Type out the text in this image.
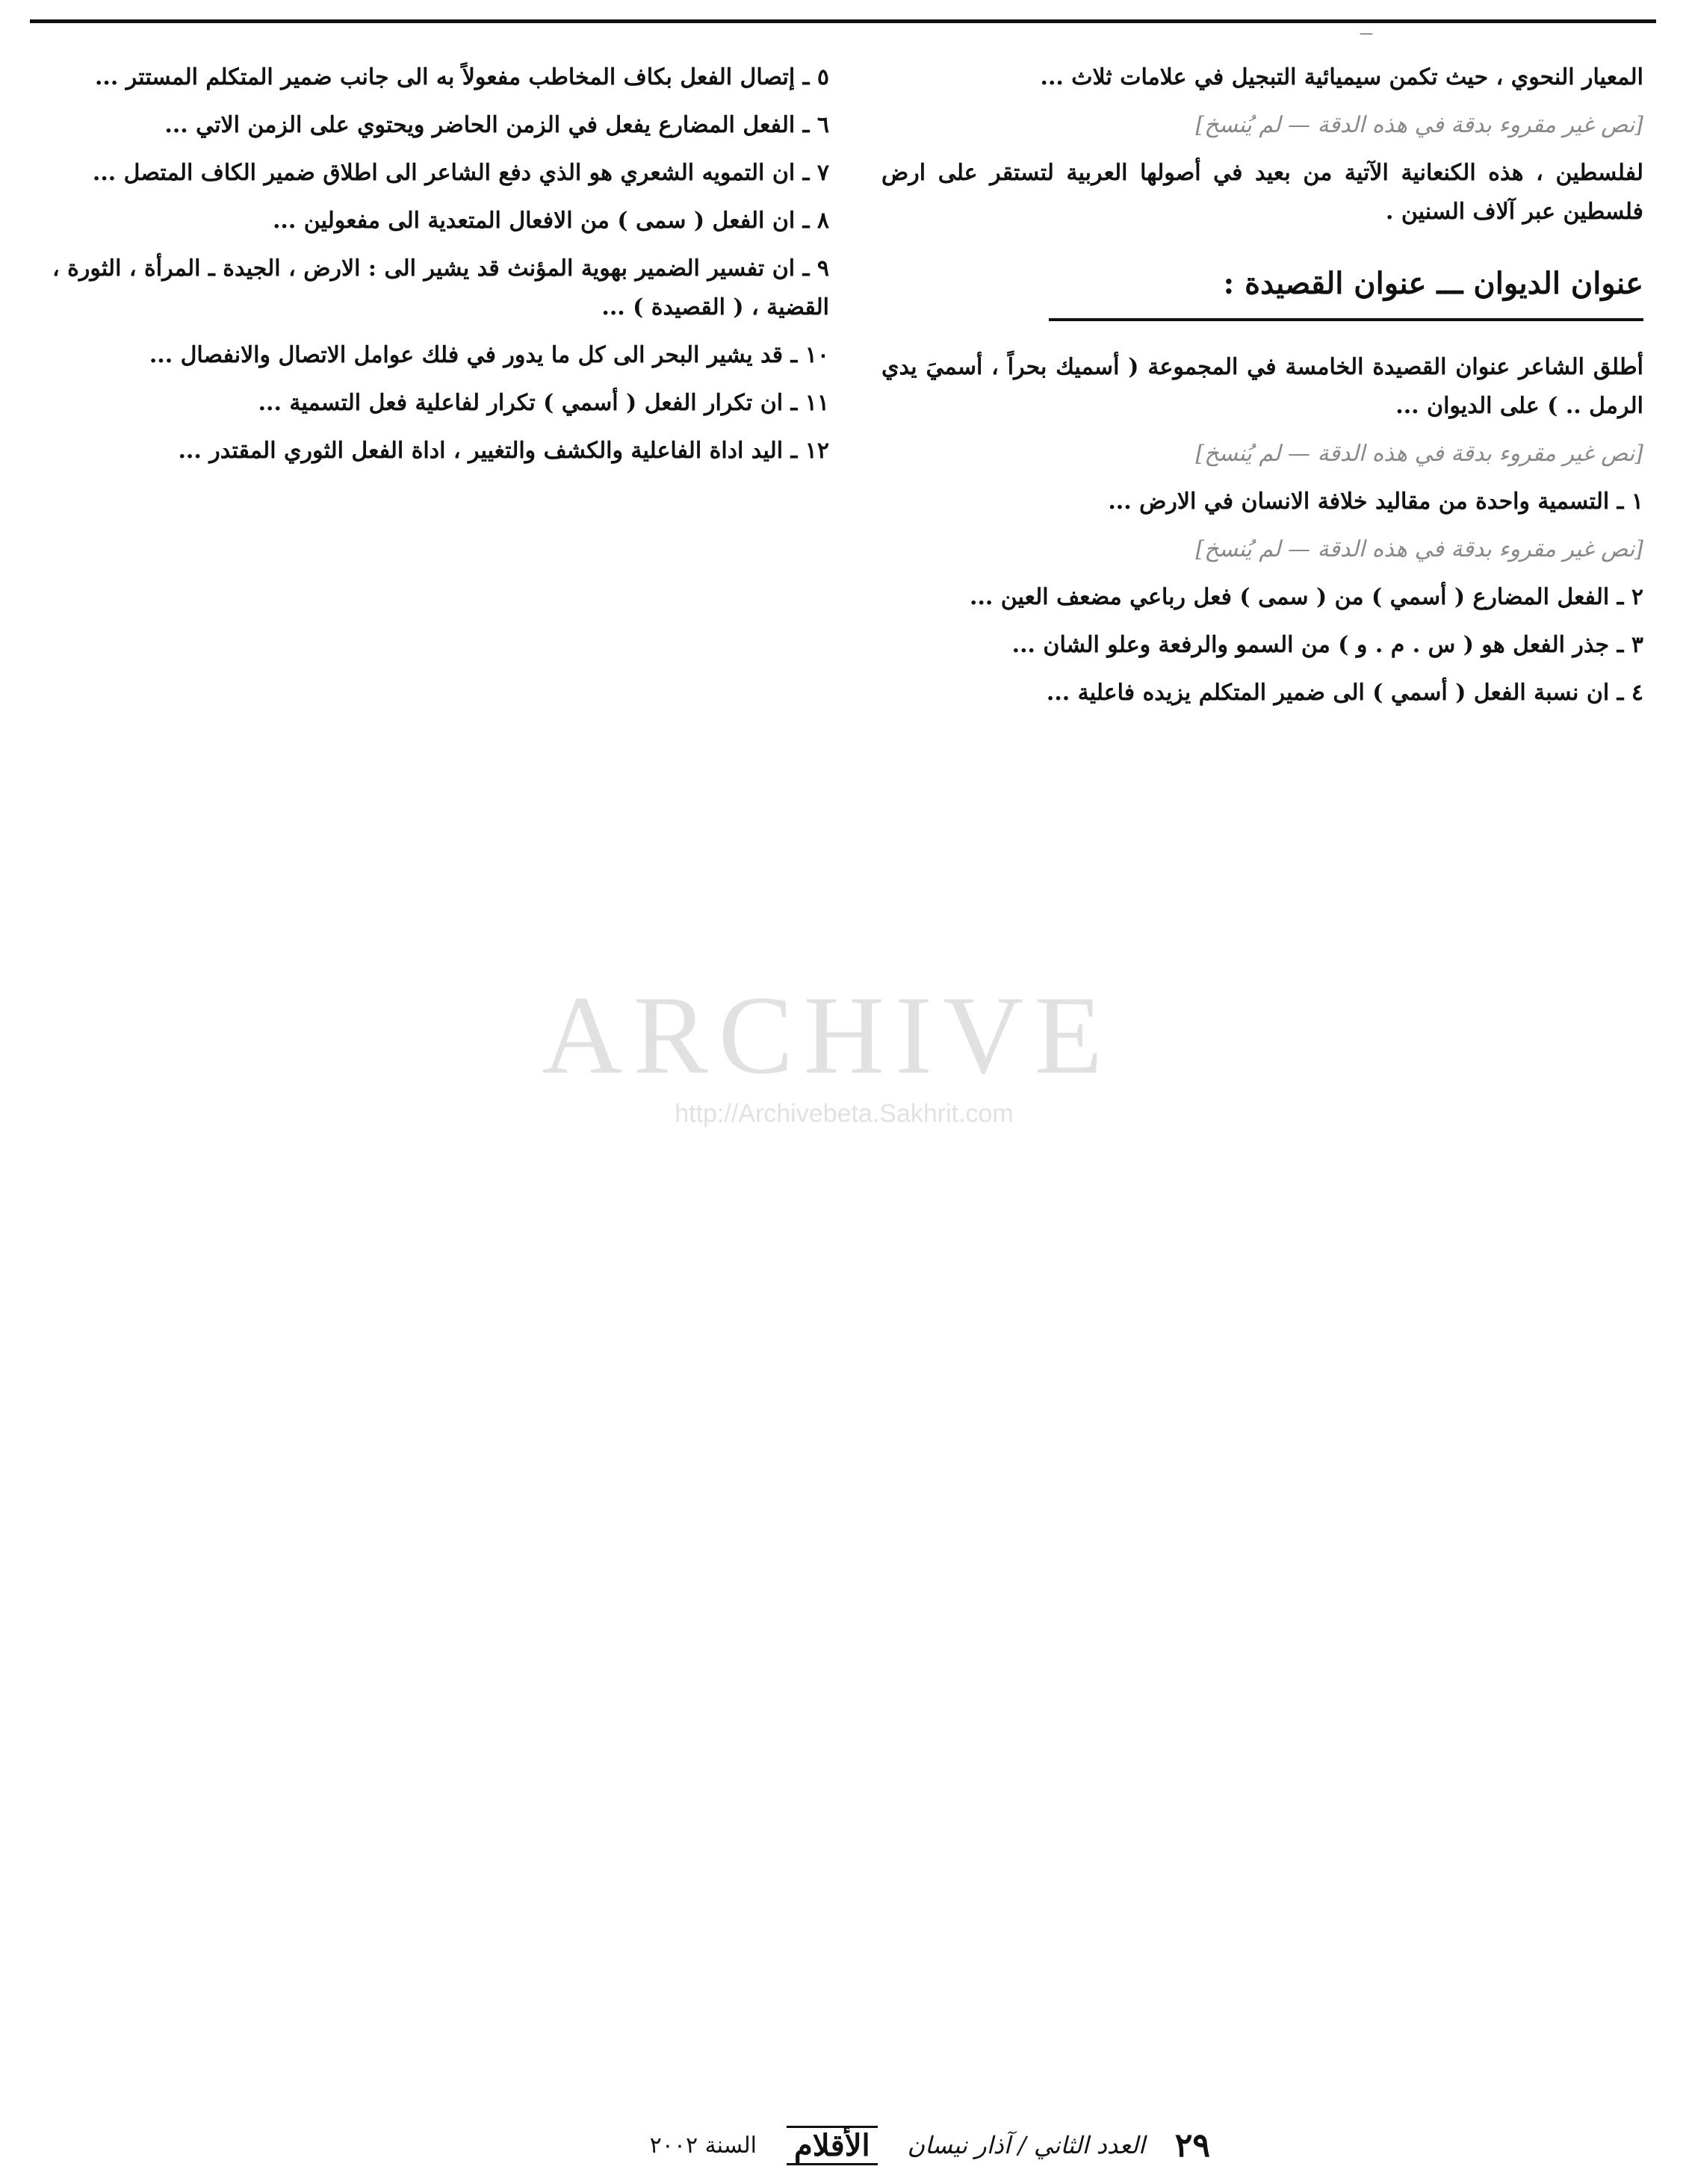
—

المعيار النحوي ، حيث تكمن سيميائية التبجيل في علامات ثلاث ...

[نص غير مقروء بدقة في هذه الدقة — لم يُنسخ]

لفلسطين ، هذه الكنعانية الآتية من بعيد في أصولها العربية لتستقر على ارض فلسطين عبر آلاف السنين .

عنوان الديوان ـــ عنوان القصيدة :

أطلق الشاعر عنوان القصيدة الخامسة في المجموعة ( أسميك بحراً ، أسميَ يدي الرمل .. ) على الديوان ...

[نص غير مقروء بدقة في هذه الدقة — لم يُنسخ]

١ ـ التسمية واحدة من مقاليد خلافة الانسان في الارض ...

[نص غير مقروء بدقة في هذه الدقة — لم يُنسخ]

٢ ـ الفعل المضارع ( أسمي ) من ( سمى ) فعل رباعي مضعف العين ...

٣ ـ جذر الفعل هو ( س . م . و ) من السمو والرفعة وعلو الشان ...

٤ ـ ان نسبة الفعل ( أسمي ) الى ضمير المتكلم يزيده فاعلية ...

٥ ـ إتصال الفعل بكاف المخاطب مفعولاً به الى جانب ضمير المتكلم المستتر ...

٦ ـ الفعل المضارع يفعل في الزمن الحاضر ويحتوي على الزمن الاتي ...

٧ ـ ان التمويه الشعري هو الذي دفع الشاعر الى اطلاق ضمير الكاف المتصل ...

٨ ـ ان الفعل ( سمى ) من الافعال المتعدية الى مفعولين ...

٩ ـ ان تفسير الضمير بهوية المؤنث قد يشير الى : الارض ، الجيدة ـ المرأة ، الثورة ، القضية ، ( القصيدة ) ...

١٠ ـ قد يشير البحر الى كل ما يدور في فلك عوامل الاتصال والانفصال ...

١١ ـ ان تكرار الفعل ( أسمي ) تكرار لفاعلية فعل التسمية ...

١٢ ـ اليد اداة الفاعلية والكشف والتغيير ، اداة الفعل الثوري المقتدر ...

ARCHIVE
http://Archivebeta.Sakhrit.com
٢٩
العدد الثاني / آذار نيسان
الأقلام
السنة ٢٠٠٢
